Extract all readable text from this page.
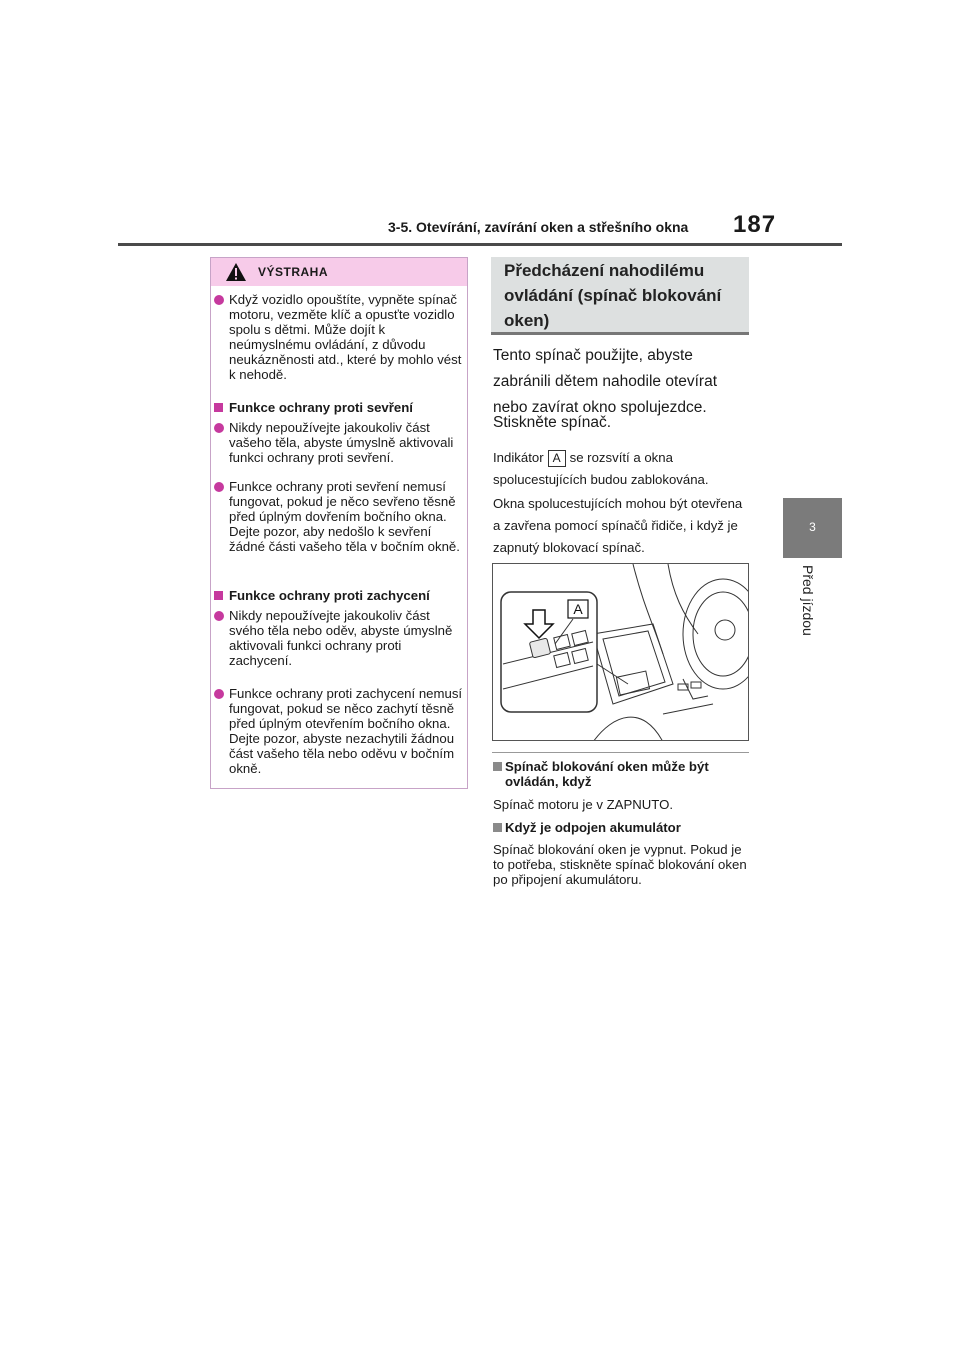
3-5. Otevírání, zavírání oken a střešního okna 187
3
Před jízdou
VÝSTRAHA
Když vozidlo opouštíte, vypněte spínač motoru, vezměte klíč a opusťte vozidlo spolu s dětmi. Může dojít k neúmyslnému ovládání, z důvodu neukázněnosti atd., které by mohlo vést k nehodě.
Funkce ochrany proti sevření
Nikdy nepoužívejte jakoukoliv část vašeho těla, abyste úmyslně aktivovali funkci ochrany proti sevření.
Funkce ochrany proti sevření nemusí fungovat, pokud je něco sevřeno těsně před úplným dovřením bočního okna. Dejte pozor, aby nedošlo k sevření žádné části vašeho těla v bočním okně.
Funkce ochrany proti zachycení
Nikdy nepoužívejte jakoukoliv část svého těla nebo oděv, abyste úmyslně aktivovali funkci ochrany proti zachycení.
Funkce ochrany proti zachycení nemusí fungovat, pokud se něco zachytí těsně před úplným otevřením bočního okna. Dejte pozor, abyste nezachytili žádnou část vašeho těla nebo oděvu v bočním okně.
Předcházení nahodilému ovládání (spínač blokování oken)
Tento spínač použijte, abyste zabránili dětem nahodile otevírat nebo zavírat okno spolujezdce.
Stiskněte spínač.
Indikátor A se rozsvítí a okna spolucestujících budou zablokována.
Okna spolucestujících mohou být otevřena a zavřena pomocí spínačů řidiče, i když je zapnutý blokovací spínač.
A
Spínač blokování oken může být ovládán, když
Spínač motoru je v ZAPNUTO.
Když je odpojen akumulátor
Spínač blokování oken je vypnut. Pokud je to potřeba, stiskněte spínač blokování oken po připojení akumulátoru.
